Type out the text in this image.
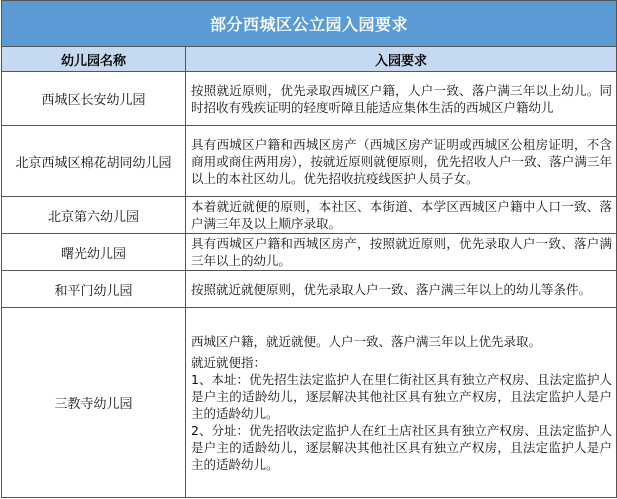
部分西城区公立园入园要求	
幼儿园名称	入园要求
西城区长安幼儿园	按照就近原则，优先录取西城区户籍，人户一致、落户满三年以上幼儿。同时招收有残疾证明的轻度听障且能适应集体生活的西城区户籍幼儿
北京西城区棉花胡同幼儿园	具有西城区户籍和西城区房产（西城区房产证明或西城区公租房证明，不含商用或商住两用房），按就近原则就便原则，优先招收人户一致、落户满三年以上的本社区幼儿。优先招收抗疫线医护人员子女。
北京第六幼儿园	本着就近就便的原则，本社区、本街道、本学区西城区户籍中人口一致、落户满三年及以上顺序录取。
曙光幼儿园	具有西城区户籍和西城区房产，按照就近原则，优先录取人户一致、落户满三年以上的幼儿。
和平门幼儿园	按照就近就便原则，优先录取人户一致、落户满三年以上的幼儿等条件。
三教寺幼儿园	西城区户籍，就近就便。人户一致、落户满三年以上优先录取。

就近就便指：

1、本址：优先招生法定监护人在里仁街社区具有独立产权房、且法定监护人是户主的适龄幼儿，逐层解决其他社区具有独立产权房，且法定监护人是户主的适龄幼儿。

2、分址：优先招收法定监护人在红土店社区具有独立产权房、且法定监护人是户主的适龄幼儿，逐层解决其他社区具有独立产权房，且法定监护人是户主的适龄幼儿。
